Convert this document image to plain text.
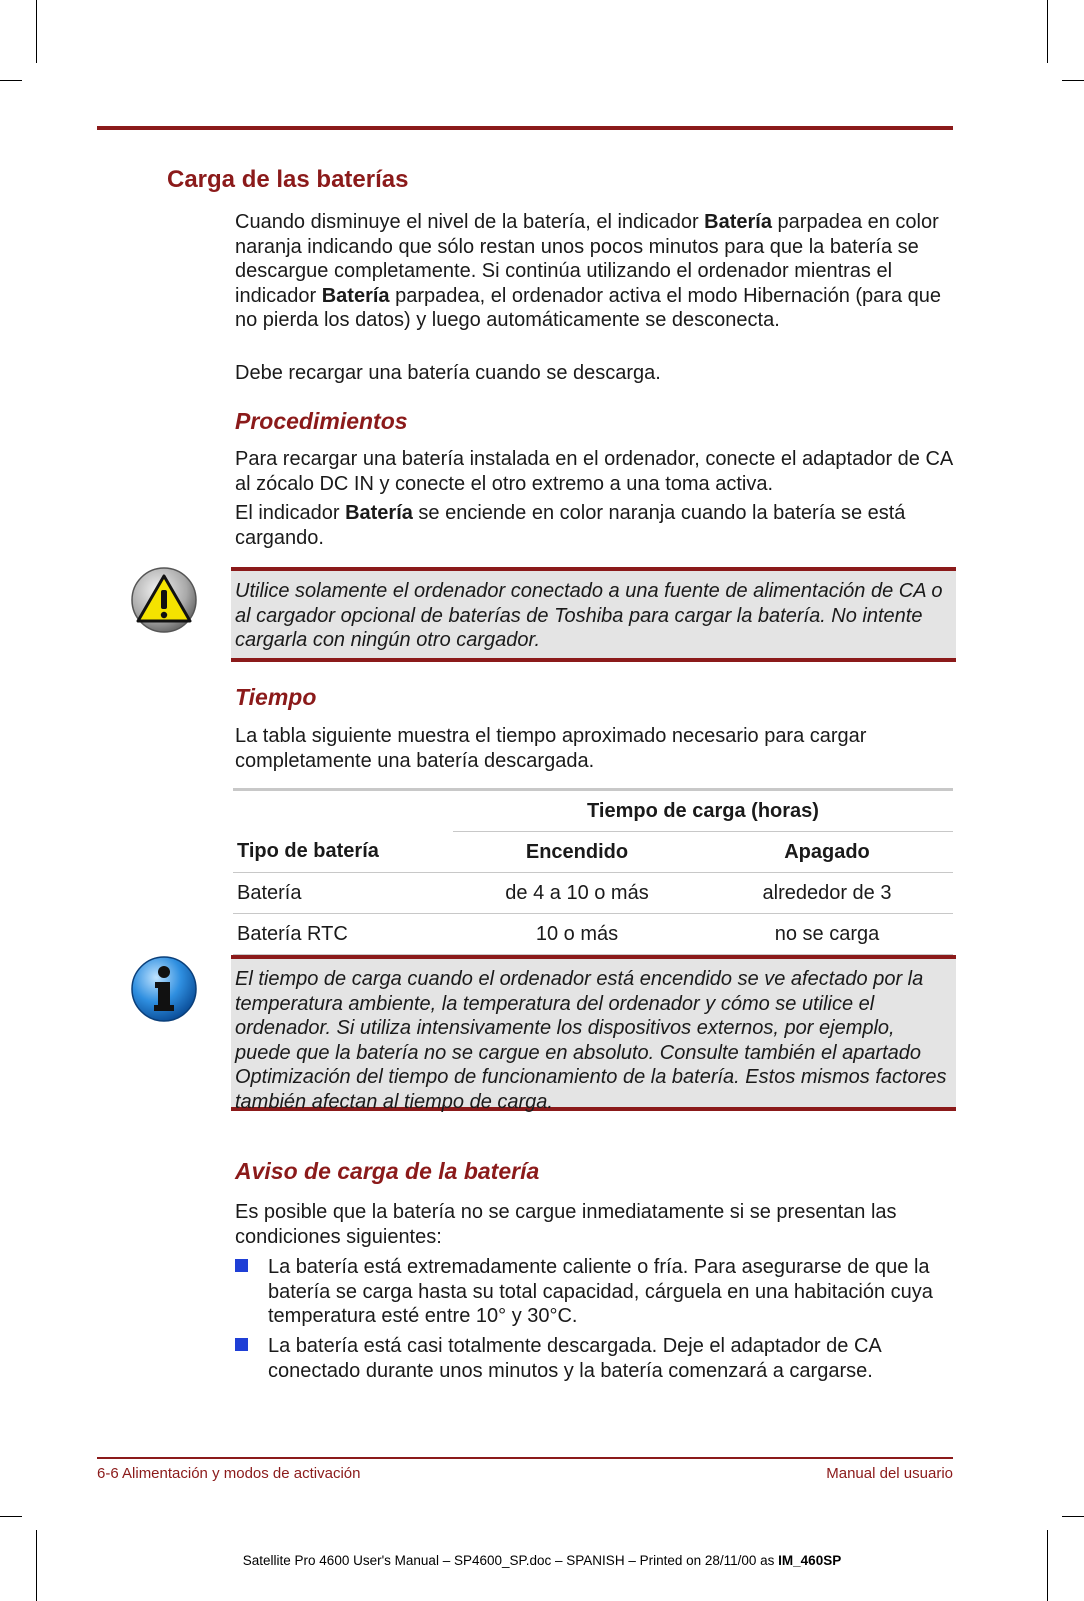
Carga de las baterías

Cuando disminuye el nivel de la batería, el indicador Batería parpadea en color naranja indicando que sólo restan unos pocos minutos para que la batería se descargue completamente. Si continúa utilizando el ordenador mientras el indicador Batería parpadea, el ordenador activa el modo Hibernación (para que no pierda los datos) y luego automáticamente se desconecta.

Debe recargar una batería cuando se descarga.

Procedimientos

Para recargar una batería instalada en el ordenador, conecte el adaptador de CA al zócalo DC IN y conecte el otro extremo a una toma activa.

El indicador Batería se enciende en color naranja cuando la batería se está cargando.

Utilice solamente el ordenador conectado a una fuente de alimentación de CA o al cargador opcional de baterías de Toshiba para cargar la batería. No intente cargarla con ningún otro cargador.
Tiempo

La tabla siguiente muestra el tiempo aproximado necesario para cargar completamente una batería descargada.

	Tiempo de carga (horas)	
Tipo de batería	Encendido	Apagado
Batería	de 4 a 10 o más	alrededor de 3
Batería RTC	10 o más	no se carga
El tiempo de carga cuando el ordenador está encendido se ve afectado por la temperatura ambiente, la temperatura del ordenador y cómo se utilice el ordenador. Si utiliza intensivamente los dispositivos externos, por ejemplo, puede que la batería no se cargue en absoluto. Consulte también el apartado Optimización del tiempo de funcionamiento de la batería. Estos mismos factores también afectan al tiempo de carga.
Aviso de carga de la batería

Es posible que la batería no se cargue inmediatamente si se presentan las condiciones siguientes:

La batería está extremadamente caliente o fría. Para asegurarse de que la batería se carga hasta su total capacidad, cárguela en una habitación cuya temperatura esté entre 10° y 30°C.
La batería está casi totalmente descargada. Deje el adaptador de CA conectado durante unos minutos y la batería comenzará a cargarse.
6-6 Alimentación y modos de activación	Manual del usuario
Satellite Pro 4600 User's Manual – SP4600_SP.doc – SPANISH – Printed on 28/11/00 as IM_460SP
